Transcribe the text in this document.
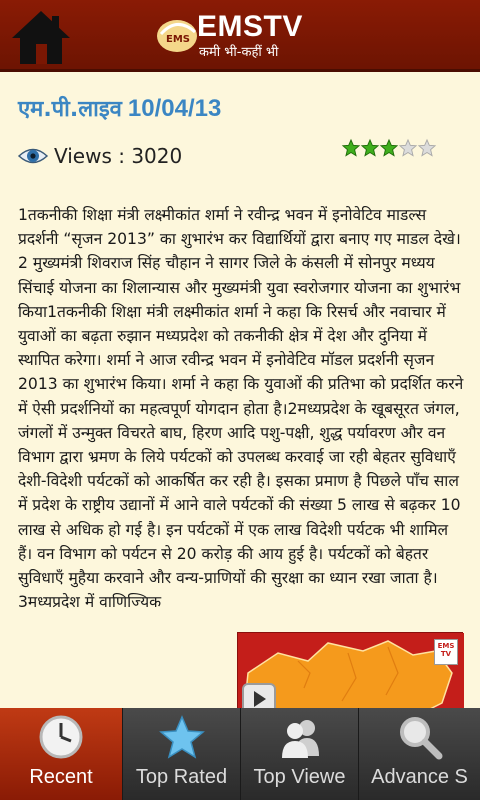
EMS EMSTV
कमी भी-कहीं भी
एम.पी.लाइव 10/04/13
Views : 3020
1तकनीकी शिक्षा मंत्री लक्ष्मीकांत शर्मा ने रवीन्द्र भवन में इनोवेटिव माडल्स प्रदर्शनी “सृजन 2013” का शुभारंभ कर विद्यार्थियों द्वारा बनाए गए माडल देखे।2 मुख्यमंत्री शिवराज सिंह चौहान ने सागर जिले के कंसली में सोनपुर मध्यय सिंचाई योजना का शिलान्यास और मुख्यमंत्री युवा स्वरोजगार योजना का शुभारंभ किया1तकनीकी शिक्षा मंत्री लक्ष्मीकांत शर्मा ने कहा कि रिसर्च और नवाचार में युवाओं का बढ़ता रुझान मध्यप्रदेश को तकनीकी क्षेत्र में देश और दुनिया में स्थापित करेगा। शर्मा ने आज रवीन्द्र भवन में इनोवेटिव मॉडल प्रदर्शनी सृजन 2013 का शुभारंभ किया। शर्मा ने कहा कि युवाओं की प्रतिभा को प्रदर्शित करने में ऐसी प्रदर्शनियों का महत्वपूर्ण योगदान होता है।2मध्यप्रदेश के खूबसूरत जंगल, जंगलों में उन्मुक्त विचरते बाघ, हिरण आदि पशु-पक्षी, शुद्ध पर्यावरण और वन विभाग द्वारा भ्रमण के लिये पर्यटकों को उपलब्ध करवाई जा रही बेहतर सुविधाएँ देशी-विदेशी पर्यटकों को आकर्षित कर रही है। इसका प्रमाण है पिछले पाँच साल में प्रदेश के राष्ट्रीय उद्यानों में आने वाले पर्यटकों की संख्या 5 लाख से बढ़कर 10 लाख से अधिक हो गई है। इन पर्यटकों में एक लाख विदेशी पर्यटक भी शामिल हैं। वन विभाग को पर्यटन से 20 करोड़ की आय हुई है। पर्यटकों को बेहतर सुविधाएँ मुहैया करवाने और वन्य-प्राणियों की सुरक्षा का ध्यान रखा जाता है।3मध्यप्रदेश में वाणिज्यिक
EMS TV
Recent Top Rated Top Viewe Advance S
